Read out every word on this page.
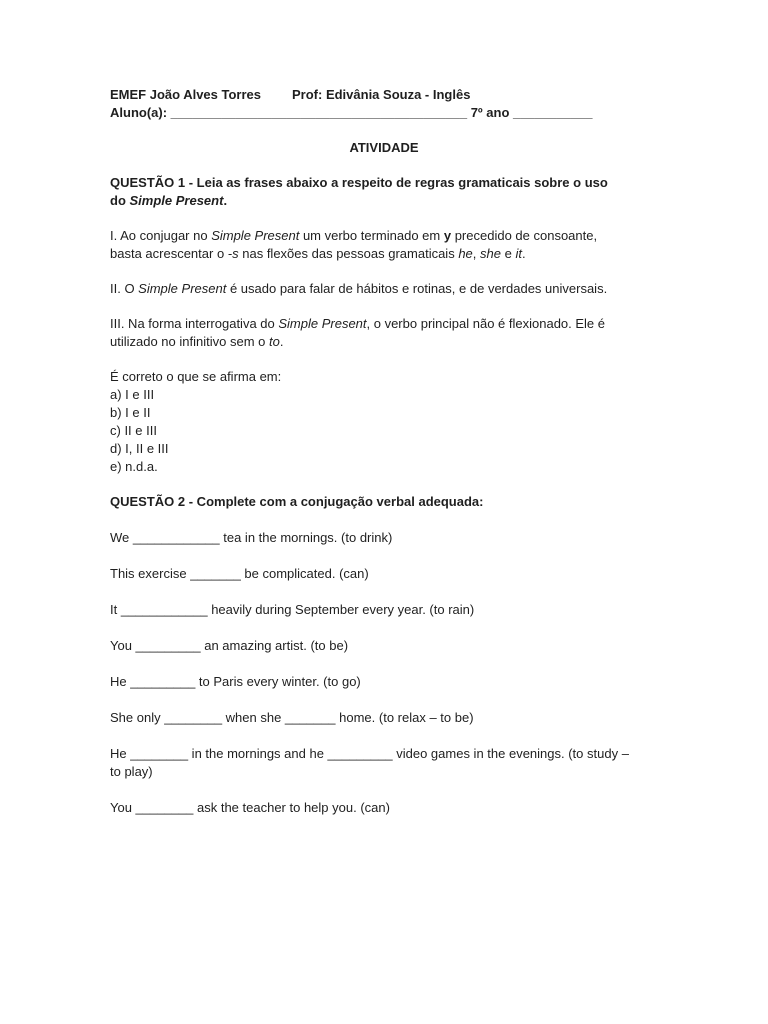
EMEF João Alves Torres	Prof: Edivânia Souza - Inglês
Aluno(a): _________________________________________ 7º ano ___________
ATIVIDADE
QUESTÃO 1 - Leia as frases abaixo a respeito de regras gramaticais sobre o uso
do Simple Present.
I. Ao conjugar no Simple Present um verbo terminado em y precedido de consoante,
basta acrescentar o -s nas flexões das pessoas gramaticais he, she e it.
II. O Simple Present é usado para falar de hábitos e rotinas, e de verdades universais.
III. Na forma interrogativa do Simple Present, o verbo principal não é flexionado. Ele é
utilizado no infinitivo sem o to.
É correto o que se afirma em:
a) I e III
b) I e II
c) II e III
d) I, II e III
e) n.d.a.
QUESTÃO 2 - Complete com a conjugação verbal adequada:
We ____________ tea in the mornings. (to drink)
This exercise _______ be complicated. (can)
It ____________ heavily during September every year. (to rain)
You _________ an amazing artist. (to be)
He _________ to Paris every winter. (to go)
She only ________ when she _______ home. (to relax – to be)
He ________ in the mornings and he _________ video games in the evenings. (to study –
to play)
You ________ ask the teacher to help you. (can)
